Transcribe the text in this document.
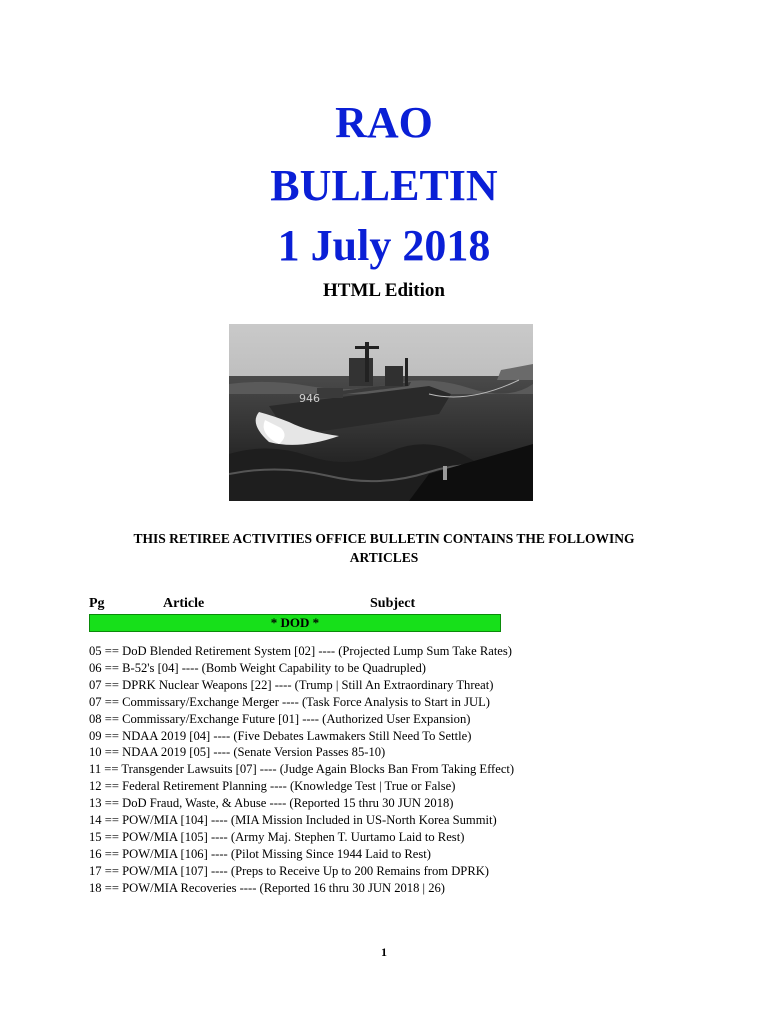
RAO
BULLETIN
1 July 2018
HTML Edition
946
THIS RETIREE ACTIVITIES OFFICE BULLETIN CONTAINS THE FOLLOWING ARTICLES
Pg	Article	Subject
* DOD *
05 == DoD Blended Retirement System [02] ---- (Projected Lump Sum Take Rates)
06 == B-52's [04] ---- (Bomb Weight Capability to be Quadrupled)
07 == DPRK Nuclear Weapons [22] ---- (Trump | Still An Extraordinary Threat)
07 == Commissary/Exchange Merger ---- (Task Force Analysis to Start in JUL)
08 == Commissary/Exchange Future [01] ---- (Authorized User Expansion)
09 == NDAA 2019 [04] ---- (Five Debates Lawmakers Still Need To Settle)
10 == NDAA 2019 [05] ---- (Senate Version Passes 85-10)
11 == Transgender Lawsuits [07] ---- (Judge Again Blocks Ban From Taking Effect)
12 == Federal Retirement Planning ---- (Knowledge Test | True or False)
13 == DoD Fraud, Waste, & Abuse ---- (Reported 15 thru 30 JUN 2018)
14 == POW/MIA [104] ---- (MIA Mission Included in US-North Korea Summit)
15 == POW/MIA [105] ---- (Army Maj. Stephen T. Uurtamo Laid to Rest)
16 == POW/MIA [106] ---- (Pilot Missing Since 1944 Laid to Rest)
17 == POW/MIA [107] ---- (Preps to Receive Up to 200 Remains from DPRK)
18 == POW/MIA Recoveries ---- (Reported 16 thru 30 JUN 2018 | 26)
1
